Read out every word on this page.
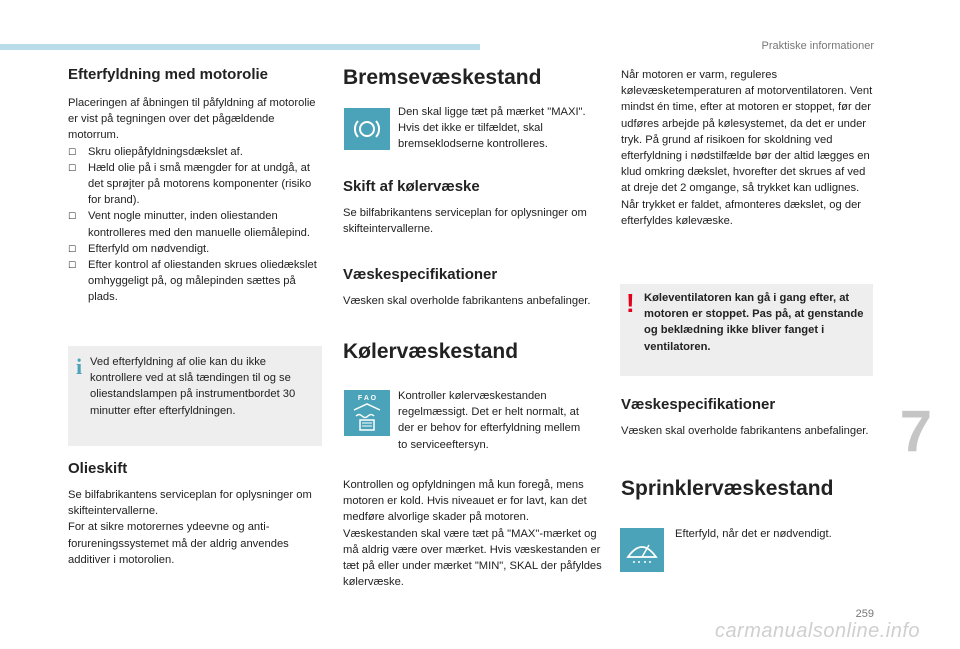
Praktiske informationer
Efterfyldning med motorolie

Placeringen af åbningen til påfyldning af motorolie er vist på tegningen over det pågældende motorrum.

☐	Skru oliepåfyldningsdækslet af.
☐	Hæld olie på i små mængder for at undgå, at det sprøjter på motorens komponenter (risiko for brand).
☐	Vent nogle minutter, inden oliestanden kontrolleres med den manuelle oliemålepind.
☐	Efterfyld om nødvendigt.
☐	Efter kontrol af oliestanden skrues oliedækslet omhyggeligt på, og målepinden sættes på plads.
i Ved efterfyldning af olie kan du ikke kontrollere ved at slå tændingen til og se oliestandslampen på instrumentbordet 30 minutter efter efterfyldningen.

Olieskift

Se bilfabrikantens serviceplan for oplysninger om skifteintervallerne.

For at sikre motorernes ydeevne og anti-forureningssystemet må der aldrig anvendes additiver i motorolien.

Bremsevæskestand

Den skal ligge tæt på mærket "MAXI". Hvis det ikke er tilfældet, skal bremseklodserne kontrolleres.

Skift af kølervæske

Se bilfabrikantens serviceplan for oplysninger om skifteintervallerne.

Væskespecifikationer

Væsken skal overholde fabrikantens anbefalinger.

Kølervæskestand
F A O Kontroller kølervæskestanden regelmæssigt. Det er helt normalt, at der er behov for efterfyldning mellem to serviceeftersyn.

Kontrollen og opfyldningen må kun foregå, mens motoren er kold. Hvis niveauet er for lavt, kan det medføre alvorlige skader på motoren. Væskestanden skal være tæt på "MAX"-mærket og må aldrig være over mærket. Hvis væskestanden er tæt på eller under mærket "MIN", SKAL der påfyldes kølervæske.

Når motoren er varm, reguleres kølevæsketemperaturen af motorventilatoren. Vent mindst én time, efter at motoren er stoppet, før der udføres arbejde på kølesystemet, da det er under tryk. På grund af risikoen for skoldning ved efterfyldning i nødstilfælde bør der altid lægges en klud omkring dækslet, hvorefter det skrues af ved at dreje det 2 omgange, så trykket kan udlignes. Når trykket er faldet, afmonteres dækslet, og der efterfyldes kølevæske.

! Køleventilatoren kan gå i gang efter, at motoren er stoppet. Pas på, at genstande og beklædning ikke bliver fanget i ventilatoren.

Væskespecifikationer

Væsken skal overholde fabrikantens anbefalinger.

Sprinklervæskestand

Efterfyld, når det er nødvendigt.

7
259
carmanualsonline.info
